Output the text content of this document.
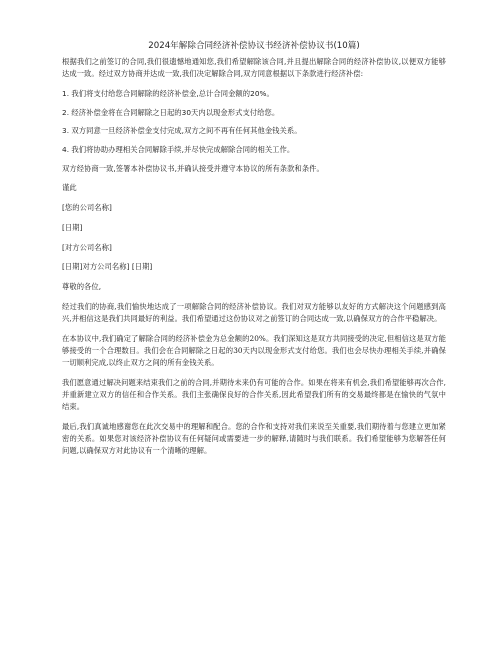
2024年解除合同经济补偿协议书经济补偿协议书(10篇)

根据我们之前签订的合同,我们很遗憾地通知您,我们希望解除该合同,并且提出解除合同的经济补偿协议,以便双方能够达成一致。经过双方协商并达成一致,我们决定解除合同,双方同意根据以下条款进行经济补偿:

1. 我们将支付给您合同解除的经济补偿金,总计合同金额的20%。

2. 经济补偿金将在合同解除之日起的30天内以现金形式支付给您。

3. 双方同意一旦经济补偿金支付完成,双方之间不再有任何其他金钱关系。

4. 我们将协助办理相关合同解除手续,并尽快完成解除合同的相关工作。

双方经协商一致,签署本补偿协议书,并确认接受并遵守本协议的所有条款和条件。

谨此

[您的公司名称]

[日期]

[对方公司名称]

[日期]对方公司名称] [日期]

尊敬的各位,

经过我们的协商,我们愉快地达成了一项解除合同的经济补偿协议。我们对双方能够以友好的方式解决这个问题感到高兴,并相信这是我们共同最好的利益。我们希望通过这份协议对之前签订的合同达成一致,以确保双方的合作平稳解决。

在本协议中,我们确定了解除合同的经济补偿金为总金额的20%。我们深知这是双方共同接受的决定,但相信这是双方能够接受的一个合理数目。我们会在合同解除之日起的30天内以现金形式支付给您。我们也会尽快办理相关手续,并确保一切顺利完成,以终止双方之间的所有金钱关系。

我们愿意通过解决问题来结束我们之前的合同,并期待未来仍有可能的合作。如果在将来有机会,我们希望能够再次合作,并重新建立双方的信任和合作关系。我们主张确保良好的合作关系,因此希望我们所有的交易最终都是在愉快的气氛中结束。

最后,我们真诚地感谢您在此次交易中的理解和配合。您的合作和支持对我们来说至关重要,我们期待着与您建立更加紧密的关系。如果您对该经济补偿协议有任何疑问或需要进一步的解释,请随时与我们联系。我们希望能够为您解答任何问题,以确保双方对此协议有一个清晰的理解。
